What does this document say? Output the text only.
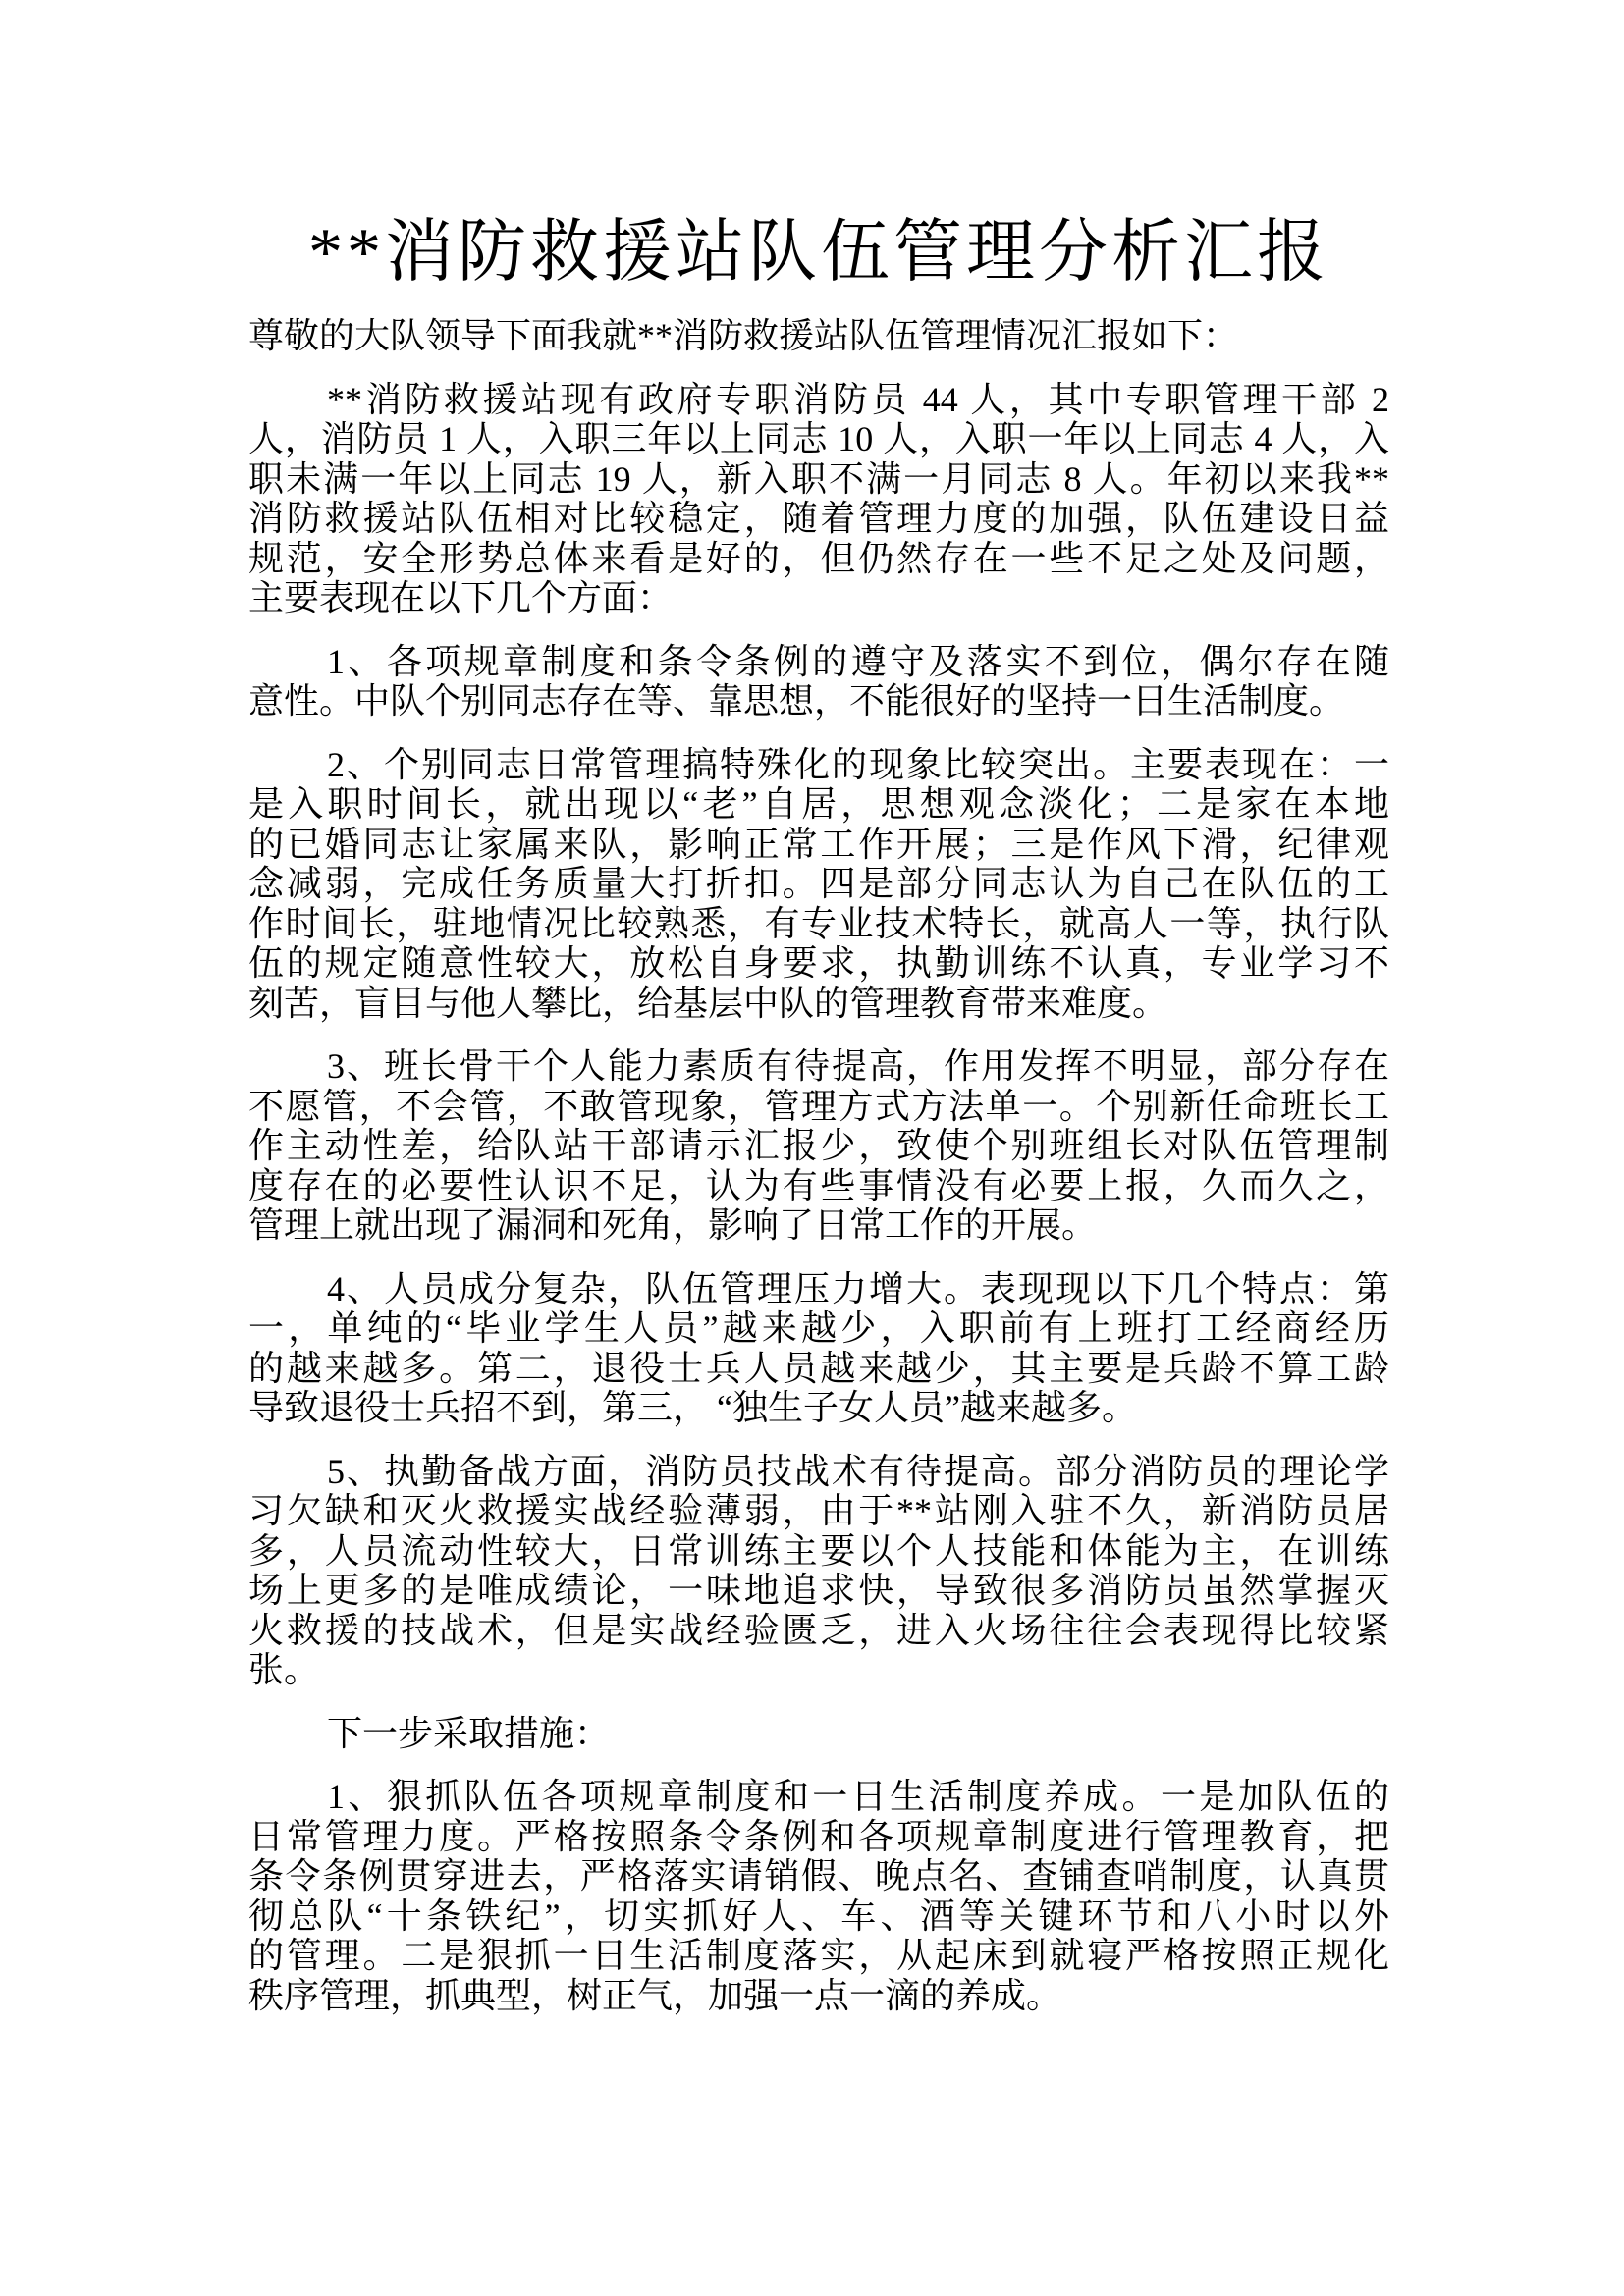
**消防救援站队伍管理分析汇报
尊敬的大队领导下面我就**消防救援站队伍管理情况汇报如下：
**消防救援站现有政府专职消防员 44 人，其中专职管理干部 2
人，消防员 1 人，入职三年以上同志 10 人，入职一年以上同志 4 人，入
职未满一年以上同志 19 人，新入职不满一月同志 8 人。年初以来我**
消防救援站队伍相对比较稳定，随着管理力度的加强，队伍建设日益
规范，安全形势总体来看是好的，但仍然存在一些不足之处及问题，
主要表现在以下几个方面：
1、各项规章制度和条令条例的遵守及落实不到位，偶尔存在随
意性。中队个别同志存在等、靠思想，不能很好的坚持一日生活制度。
2、个别同志日常管理搞特殊化的现象比较突出。主要表现在：一
是入职时间长，就出现以“老”自居，思想观念淡化；二是家在本地
的已婚同志让家属来队，影响正常工作开展；三是作风下滑，纪律观
念减弱，完成任务质量大打折扣。四是部分同志认为自己在队伍的工
作时间长，驻地情况比较熟悉，有专业技术特长，就高人一等，执行队
伍的规定随意性较大，放松自身要求，执勤训练不认真，专业学习不
刻苦，盲目与他人攀比，给基层中队的管理教育带来难度。
3、班长骨干个人能力素质有待提高，作用发挥不明显，部分存在
不愿管，不会管，不敢管现象，管理方式方法单一。个别新任命班长工
作主动性差，给队站干部请示汇报少，致使个别班组长对队伍管理制
度存在的必要性认识不足，认为有些事情没有必要上报，久而久之，
管理上就出现了漏洞和死角，影响了日常工作的开展。
4、人员成分复杂，队伍管理压力增大。表现现以下几个特点：第
一，单纯的“毕业学生人员”越来越少，入职前有上班打工经商经历
的越来越多。第二，退役士兵人员越来越少，其主要是兵龄不算工龄
导致退役士兵招不到，第三， “独生子女人员”越来越多。
5、执勤备战方面，消防员技战术有待提高。部分消防员的理论学
习欠缺和灭火救援实战经验薄弱，由于**站刚入驻不久，新消防员居
多，人员流动性较大，日常训练主要以个人技能和体能为主，在训练
场上更多的是唯成绩论，一味地追求快，导致很多消防员虽然掌握灭
火救援的技战术，但是实战经验匮乏，进入火场往往会表现得比较紧
张。
下一步采取措施：
1、狠抓队伍各项规章制度和一日生活制度养成。一是加队伍的
日常管理力度。严格按照条令条例和各项规章制度进行管理教育，把
条令条例贯穿进去，严格落实请销假、晚点名、查铺查哨制度，认真贯
彻总队“十条铁纪”，切实抓好人、车、酒等关键环节和八小时以外
的管理。二是狠抓一日生活制度落实，从起床到就寝严格按照正规化
秩序管理，抓典型，树正气，加强一点一滴的养成。
